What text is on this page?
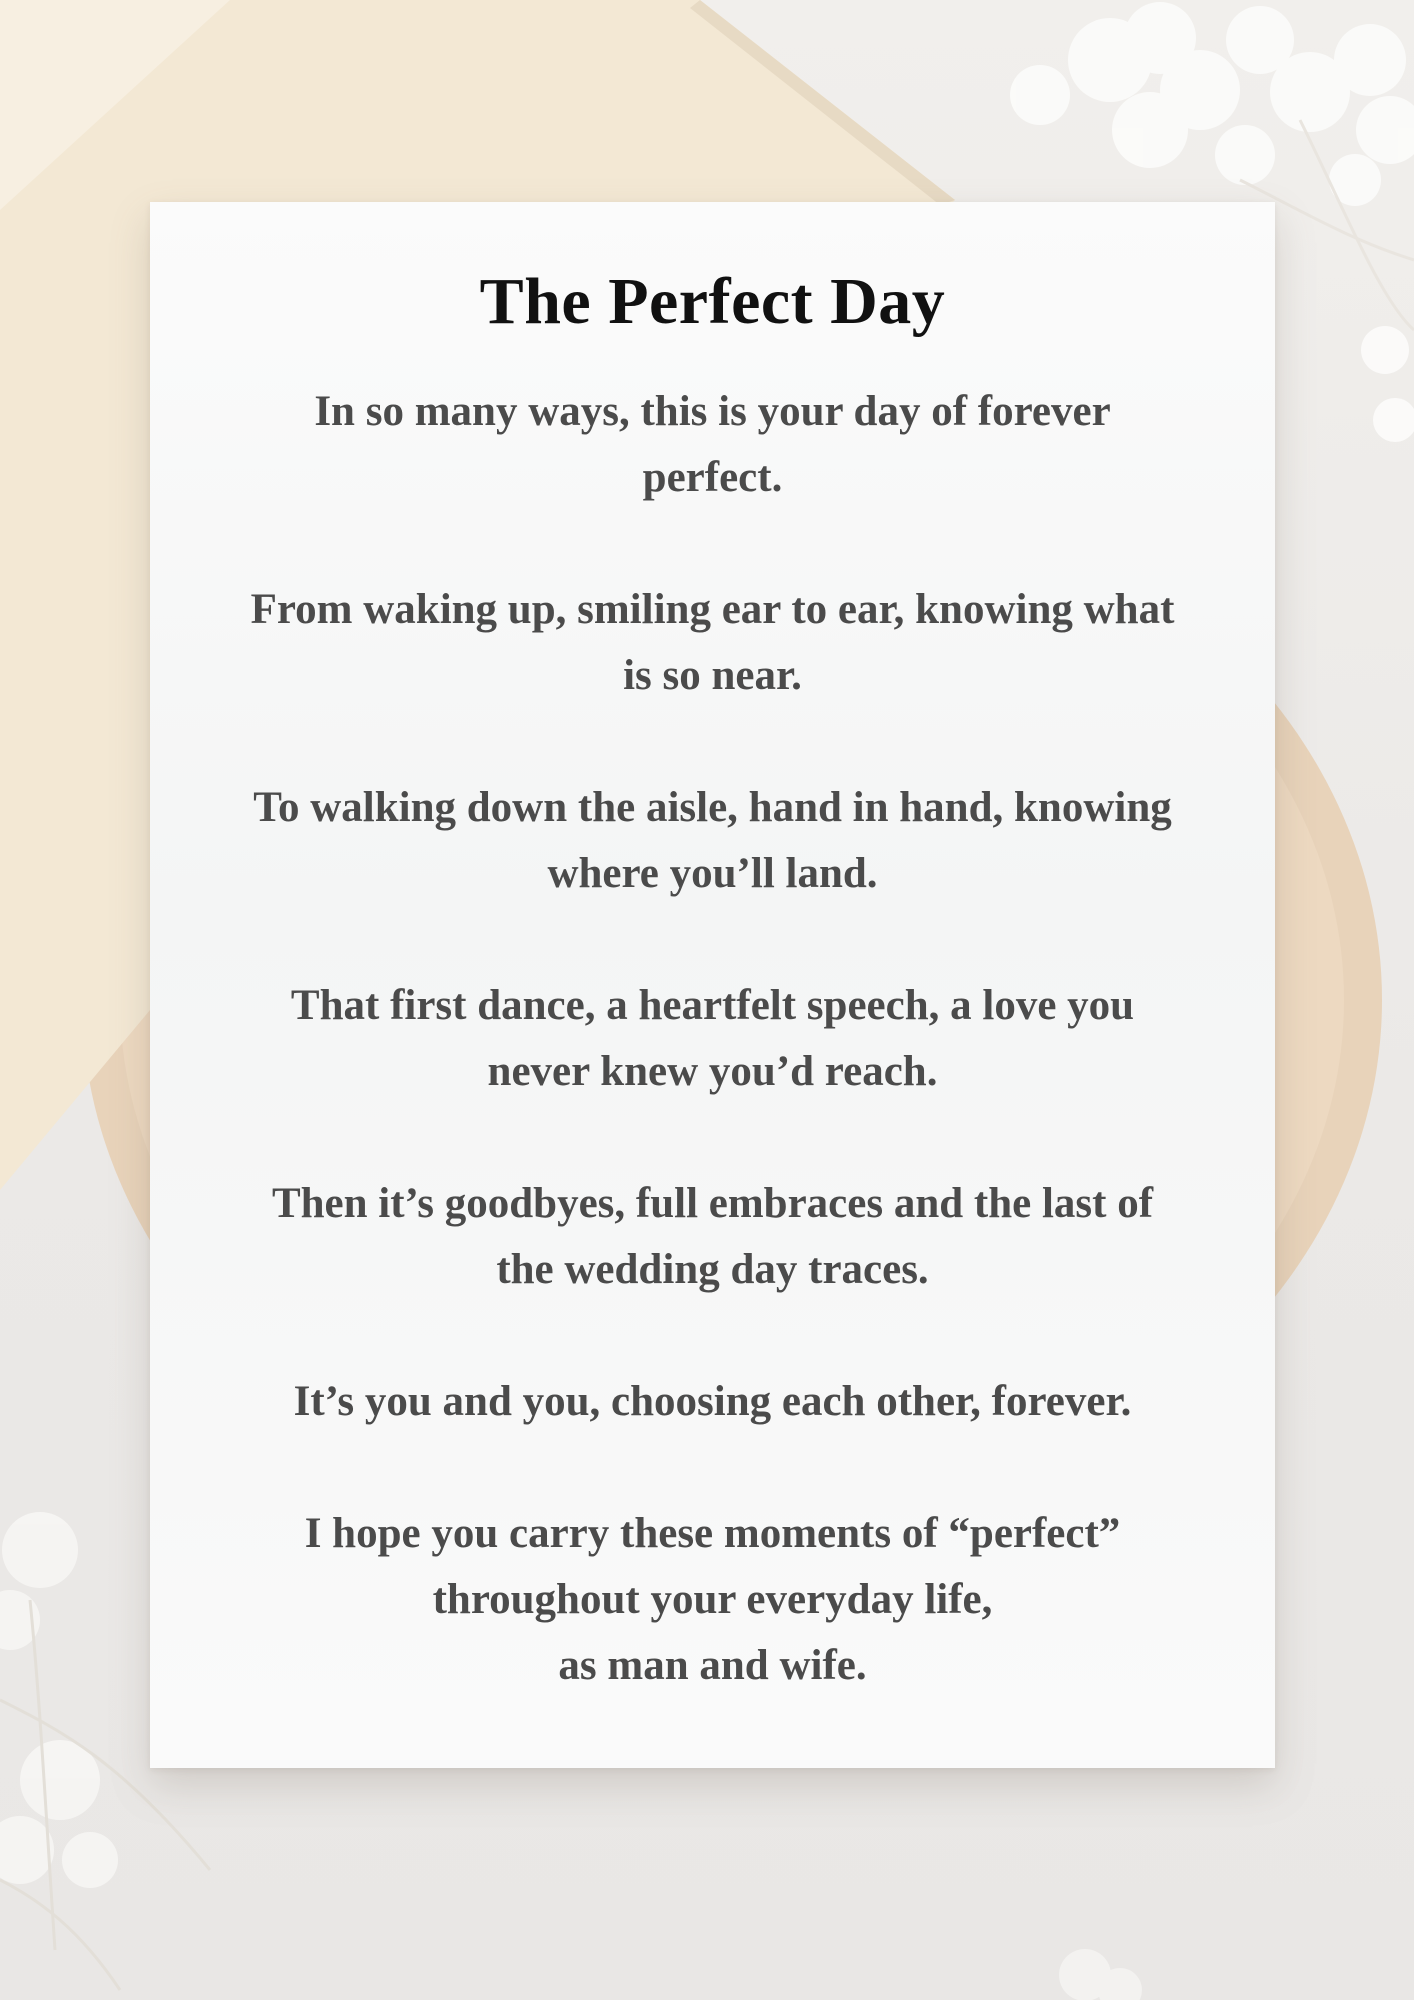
The Perfect Day

In so many ways, this is your day of forever
perfect.

From waking up, smiling ear to ear, knowing what
is so near.

To walking down the aisle, hand in hand, knowing
where you’ll land.

That first dance, a heartfelt speech, a love you
never knew you’d reach.

Then it’s goodbyes, full embraces and the last of
the wedding day traces.

It’s you and you, choosing each other, forever.

I hope you carry these moments of “perfect”
throughout your everyday life,
as man and wife.
